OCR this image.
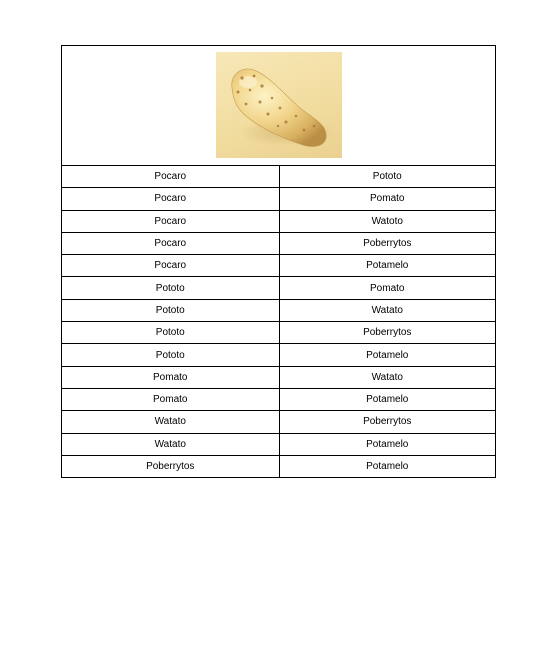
Pocaro	Pototo
Pocaro	Pomato
Pocaro	Watoto
Pocaro	Poberrytos
Pocaro	Potamelo
Pototo	Pomato
Pototo	Watato
Pototo	Poberrytos
Pototo	Potamelo
Pomato	Watato
Pomato	Potamelo
Watato	Poberrytos
Watato	Potamelo
Poberrytos	Potamelo
